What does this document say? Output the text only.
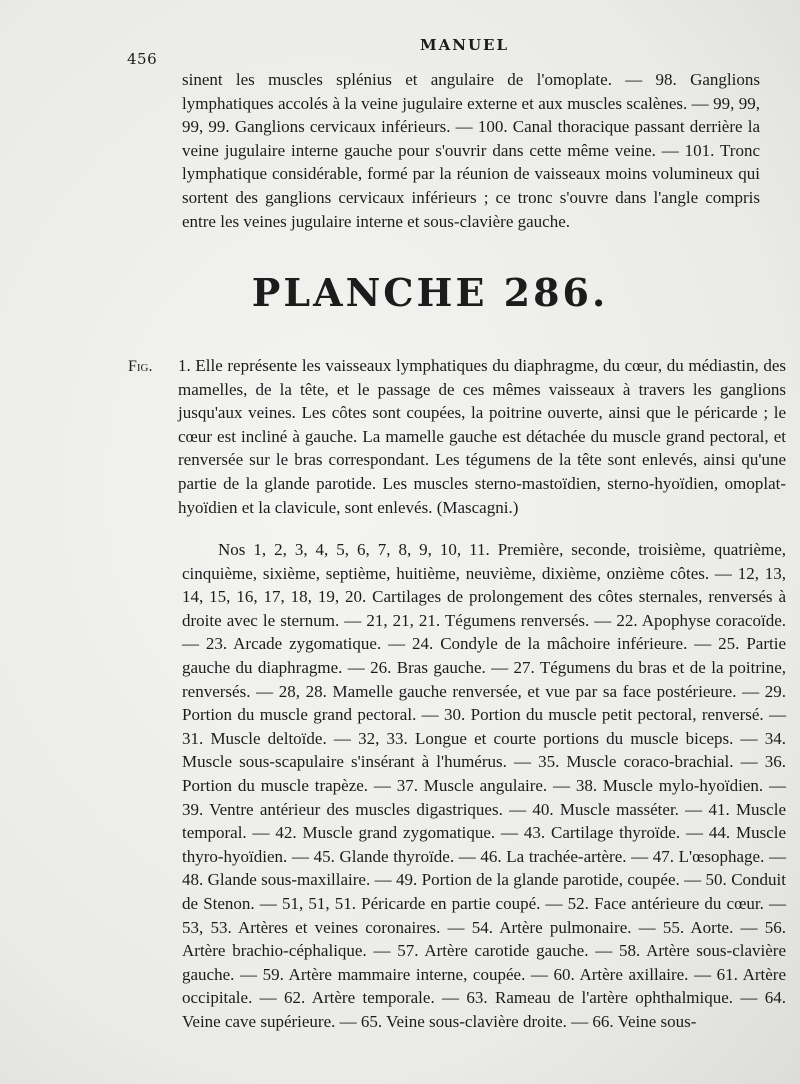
456
MANUEL

sinent les muscles splénius et angulaire de l'omoplate. — 98. Ganglions lymphatiques accolés à la veine jugulaire externe et aux muscles scalènes. — 99, 99, 99, 99. Ganglions cervicaux inférieurs. — 100. Canal thoracique passant derrière la veine jugulaire interne gauche pour s'ouvrir dans cette même veine. — 101. Tronc lymphatique considérable, formé par la réunion de vaisseaux moins volumineux qui sortent des ganglions cervicaux inférieurs ; ce tronc s'ouvre dans l'angle compris entre les veines jugulaire interne et sous-clavière gauche.

PLANCHE 286.
Fig. 1. Elle représente les vaisseaux lymphatiques du diaphragme, du cœur, du médiastin, des mamelles, de la tête, et le passage de ces mêmes vaisseaux à travers les ganglions jusqu'aux veines. Les côtes sont coupées, la poitrine ouverte, ainsi que le péricarde ; le cœur est incliné à gauche. La mamelle gauche est détachée du muscle grand pectoral, et renversée sur le bras correspondant. Les tégumens de la tête sont enlevés, ainsi qu'une partie de la glande parotide. Les muscles sterno-mastoïdien, sterno-hyoïdien, omoplat-hyoïdien et la clavicule, sont enlevés. (Mascagni.)

Nos 1, 2, 3, 4, 5, 6, 7, 8, 9, 10, 11. Première, seconde, troisième, quatrième, cinquième, sixième, septième, huitième, neuvième, dixième, onzième côtes. — 12, 13, 14, 15, 16, 17, 18, 19, 20. Cartilages de prolongement des côtes sternales, renversés à droite avec le sternum. — 21, 21, 21. Tégumens renversés. — 22. Apophyse coracoïde. — 23. Arcade zygomatique. — 24. Condyle de la mâchoire inférieure. — 25. Partie gauche du diaphragme. — 26. Bras gauche. — 27. Tégumens du bras et de la poitrine, renversés. — 28, 28. Mamelle gauche renversée, et vue par sa face postérieure. — 29. Portion du muscle grand pectoral. — 30. Portion du muscle petit pectoral, renversé. — 31. Muscle deltoïde. — 32, 33. Longue et courte portions du muscle biceps. — 34. Muscle sous-scapulaire s'insérant à l'humérus. — 35. Muscle coraco-brachial. — 36. Portion du muscle trapèze. — 37. Muscle angulaire. — 38. Muscle mylo-hyoïdien. — 39. Ventre antérieur des muscles digastriques. — 40. Muscle masséter. — 41. Muscle temporal. — 42. Muscle grand zygomatique. — 43. Cartilage thyroïde. — 44. Muscle thyro-hyoïdien. — 45. Glande thyroïde. — 46. La trachée-artère. — 47. L'œsophage. — 48. Glande sous-maxillaire. — 49. Portion de la glande parotide, coupée. — 50. Conduit de Stenon. — 51, 51, 51. Péricarde en partie coupé. — 52. Face antérieure du cœur. — 53, 53. Artères et veines coronaires. — 54. Artère pulmonaire. — 55. Aorte. — 56. Artère brachio-céphalique. — 57. Artère carotide gauche. — 58. Artère sous-clavière gauche. — 59. Artère mammaire interne, coupée. — 60. Artère axillaire. — 61. Artère occipitale. — 62. Artère temporale. — 63. Rameau de l'artère ophthalmique. — 64. Veine cave supérieure. — 65. Veine sous-clavière droite. — 66. Veine sous-
